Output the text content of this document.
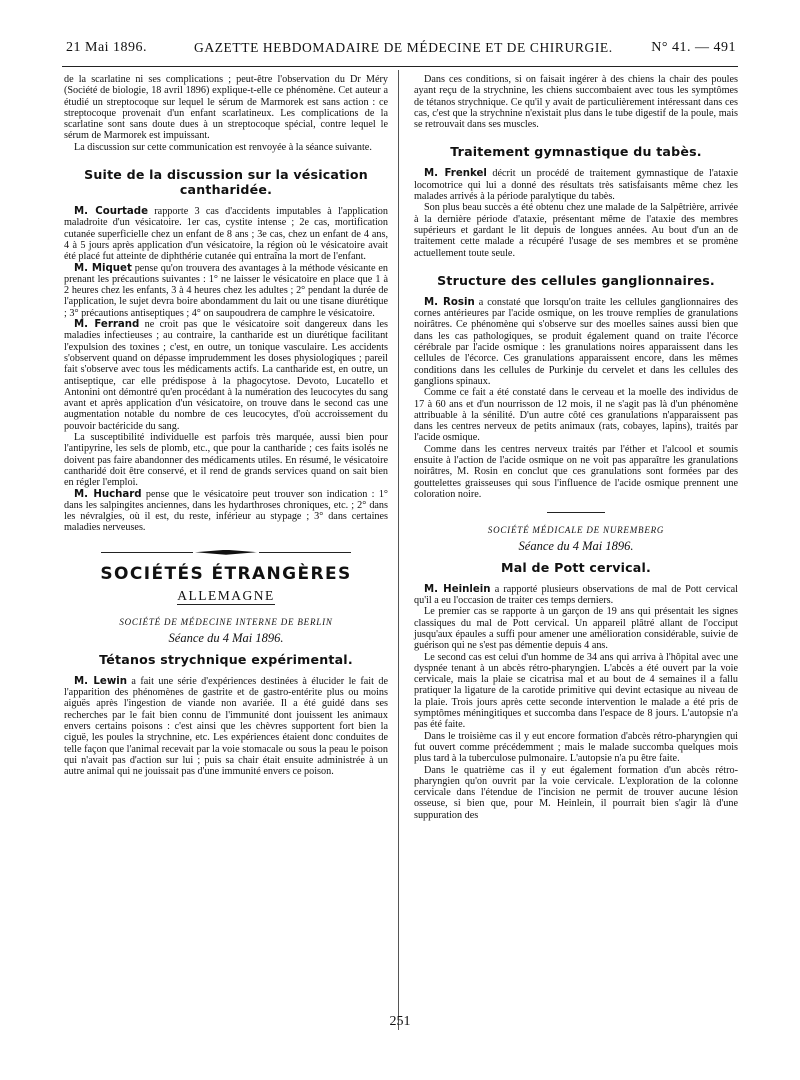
21 Mai 1896.	GAZETTE HEBDOMADAIRE DE MÉDECINE ET DE CHIRURGIE.	N° 41. — 491

de la scarlatine ni ses complications ; peut-être l'observation du Dr Méry (Société de biologie, 18 avril 1896) explique-t-elle ce phénomène. Cet auteur a étudié un streptocoque sur lequel le sérum de Marmorek est sans action : ce streptocoque provenait d'un enfant scarlatineux. Les complications de la scarlatine sont sans doute dues à un streptocoque spécial, contre lequel le sérum de Marmorek est impuissant.

La discussion sur cette communication est renvoyée à la séance suivante.

Suite de la discussion sur la vésication cantharidée.

M. Courtade rapporte 3 cas d'accidents imputables à l'application maladroite d'un vésicatoire. 1er cas, cystite intense ; 2e cas, mortification cutanée superficielle chez un enfant de 8 ans ; 3e cas, chez un enfant de 4 ans, 4 à 5 jours après application d'un vésicatoire, la région où le vésicatoire avait été placé fut atteinte de diphthérie cutanée qui entraîna la mort de l'enfant.

M. Miquet pense qu'on trouvera des avantages à la méthode vésicante en prenant les précautions suivantes : 1° ne laisser le vésicatoire en place que 1 à 2 heures chez les enfants, 3 à 4 heures chez les adultes ; 2° pendant la durée de l'application, le sujet devra boire abondamment du lait ou une tisane diurétique ; 3° précautions antiseptiques ; 4° on saupoudrera de camphre le vésicatoire.

M. Ferrand ne croit pas que le vésicatoire soit dangereux dans les maladies infectieuses ; au contraire, la cantharide est un diurétique facilitant l'expulsion des toxines ; c'est, en outre, un tonique vasculaire. Les accidents s'observent quand on dépasse imprudemment les doses physiologiques ; pareil fait s'observe avec tous les médicaments actifs. La cantharide est, en outre, un antiseptique, car elle prédispose à la phagocytose. Devoto, Lucatello et Antonini ont démontré qu'en procédant à la numération des leucocytes du sang avant et après application d'un vésicatoire, on trouve dans le second cas une augmentation notable du nombre de ces leucocytes, d'où accroissement du pouvoir bactéricide du sang.

La susceptibilité individuelle est parfois très marquée, aussi bien pour l'antipyrine, les sels de plomb, etc., que pour la cantharide ; ces faits isolés ne doivent pas faire abandonner des médicaments utiles. En résumé, le vésicatoire cantharidé doit être conservé, et il rend de grands services quand on sait bien en régler l'emploi.

M. Huchard pense que le vésicatoire peut trouver son indication : 1° dans les salpingites anciennes, dans les hydarthroses chroniques, etc. ; 2° dans les névralgies, où il est, du reste, inférieur au stypage ; 3° dans certaines maladies nerveuses.

SOCIÉTÉS ÉTRANGÈRES
ALLEMAGNE
SOCIÉTÉ DE MÉDECINE INTERNE DE BERLIN
Séance du 4 Mai 1896.
Tétanos strychnique expérimental.

M. Lewin a fait une série d'expériences destinées à élucider le fait de l'apparition des phénomènes de gastrite et de gastro-entérite plus ou moins aiguës après l'ingestion de viande non avariée. Il a été guidé dans ses recherches par le fait bien connu de l'immunité dont jouissent les animaux envers certains poisons : c'est ainsi que les chèvres supportent fort bien la ciguë, les poules la strychnine, etc. Les expériences étaient donc conduites de telle façon que l'animal recevait par la voie stomacale ou sous la peau le poison qui n'avait pas d'action sur lui ; puis sa chair était ensuite administrée à un autre animal qui ne jouissait pas d'une immunité envers ce poison.

Dans ces conditions, si on faisait ingérer à des chiens la chair des poules ayant reçu de la strychnine, les chiens succombaient avec tous les symptômes de tétanos strychnique. Ce qu'il y avait de particulièrement intéressant dans ces cas, c'est que la strychnine n'existait plus dans le tube digestif de la poule, mais se retrouvait dans ses muscles.

Traitement gymnastique du tabès.

M. Frenkel décrit un procédé de traitement gymnastique de l'ataxie locomotrice qui lui a donné des résultats très satisfaisants même chez les malades arrivés à la période paralytique du tabès.

Son plus beau succès a été obtenu chez une malade de la Salpêtrière, arrivée à la dernière période d'ataxie, présentant même de l'ataxie des membres supérieurs et gardant le lit depuis de longues années. Au bout d'un an de traitement cette malade a récupéré l'usage de ses membres et se promène actuellement toute seule.

Structure des cellules ganglionnaires.

M. Rosin a constaté que lorsqu'on traite les cellules ganglionnaires des cornes antérieures par l'acide osmique, on les trouve remplies de granulations noirâtres. Ce phénomène qui s'observe sur des moelles saines aussi bien que dans les cas pathologiques, se produit également quand on traite l'écorce cérébrale par l'acide osmique : les granulations noires apparaissent dans les cellules de l'écorce. Ces granulations apparaissent encore, dans les mêmes conditions dans les cellules de Purkinje du cervelet et dans les cellules des ganglions spinaux.

Comme ce fait a été constaté dans le cerveau et la moelle des individus de 17 à 60 ans et d'un nourrisson de 12 mois, il ne s'agit pas là d'un phénomène attribuable à la sénilité. D'un autre côté ces granulations n'apparaissent pas dans les centres nerveux de petits animaux (rats, cobayes, lapins), traités par l'acide osmique.

Comme dans les centres nerveux traités par l'éther et l'alcool et soumis ensuite à l'action de l'acide osmique on ne voit pas apparaître les granulations noirâtres, M. Rosin en conclut que ces granulations sont formées par des gouttelettes graisseuses qui sous l'influence de l'acide osmique prennent une coloration noire.

SOCIÉTÉ MÉDICALE DE NUREMBERG
Séance du 4 Mai 1896.
Mal de Pott cervical.

M. Heinlein a rapporté plusieurs observations de mal de Pott cervical qu'il a eu l'occasion de traiter ces temps derniers.

Le premier cas se rapporte à un garçon de 19 ans qui présentait les signes classiques du mal de Pott cervical. Un appareil plâtré allant de l'occiput jusqu'aux épaules a suffi pour amener une amélioration considérable, suivie de guérison qui ne s'est pas démentie depuis 4 ans.

Le second cas est celui d'un homme de 34 ans qui arriva à l'hôpital avec une dyspnée tenant à un abcès rétro-pharyngien. L'abcès a été ouvert par la voie cervicale, mais la plaie se cicatrisa mal et au bout de 4 semaines il a fallu pratiquer la ligature de la carotide primitive qui devint ectasique au niveau de la plaie. Trois jours après cette seconde intervention le malade a été pris de symptômes méningitiques et succomba dans l'espace de 8 jours. L'autopsie n'a pas été faite.

Dans le troisième cas il y eut encore formation d'abcès rétro-pharyngien qui fut ouvert comme précédemment ; mais le malade succomba quelques mois plus tard à la tuberculose pulmonaire. L'autopsie n'a pu être faite.

Dans le quatrième cas il y eut également formation d'un abcès rétro-pharyngien qu'on ouvrit par la voie cervicale. L'exploration de la colonne cervicale dans l'étendue de l'incision ne permit de trouver aucune lésion osseuse, si bien que, pour M. Heinlein, il pourrait bien s'agir là d'une suppuration des

251
